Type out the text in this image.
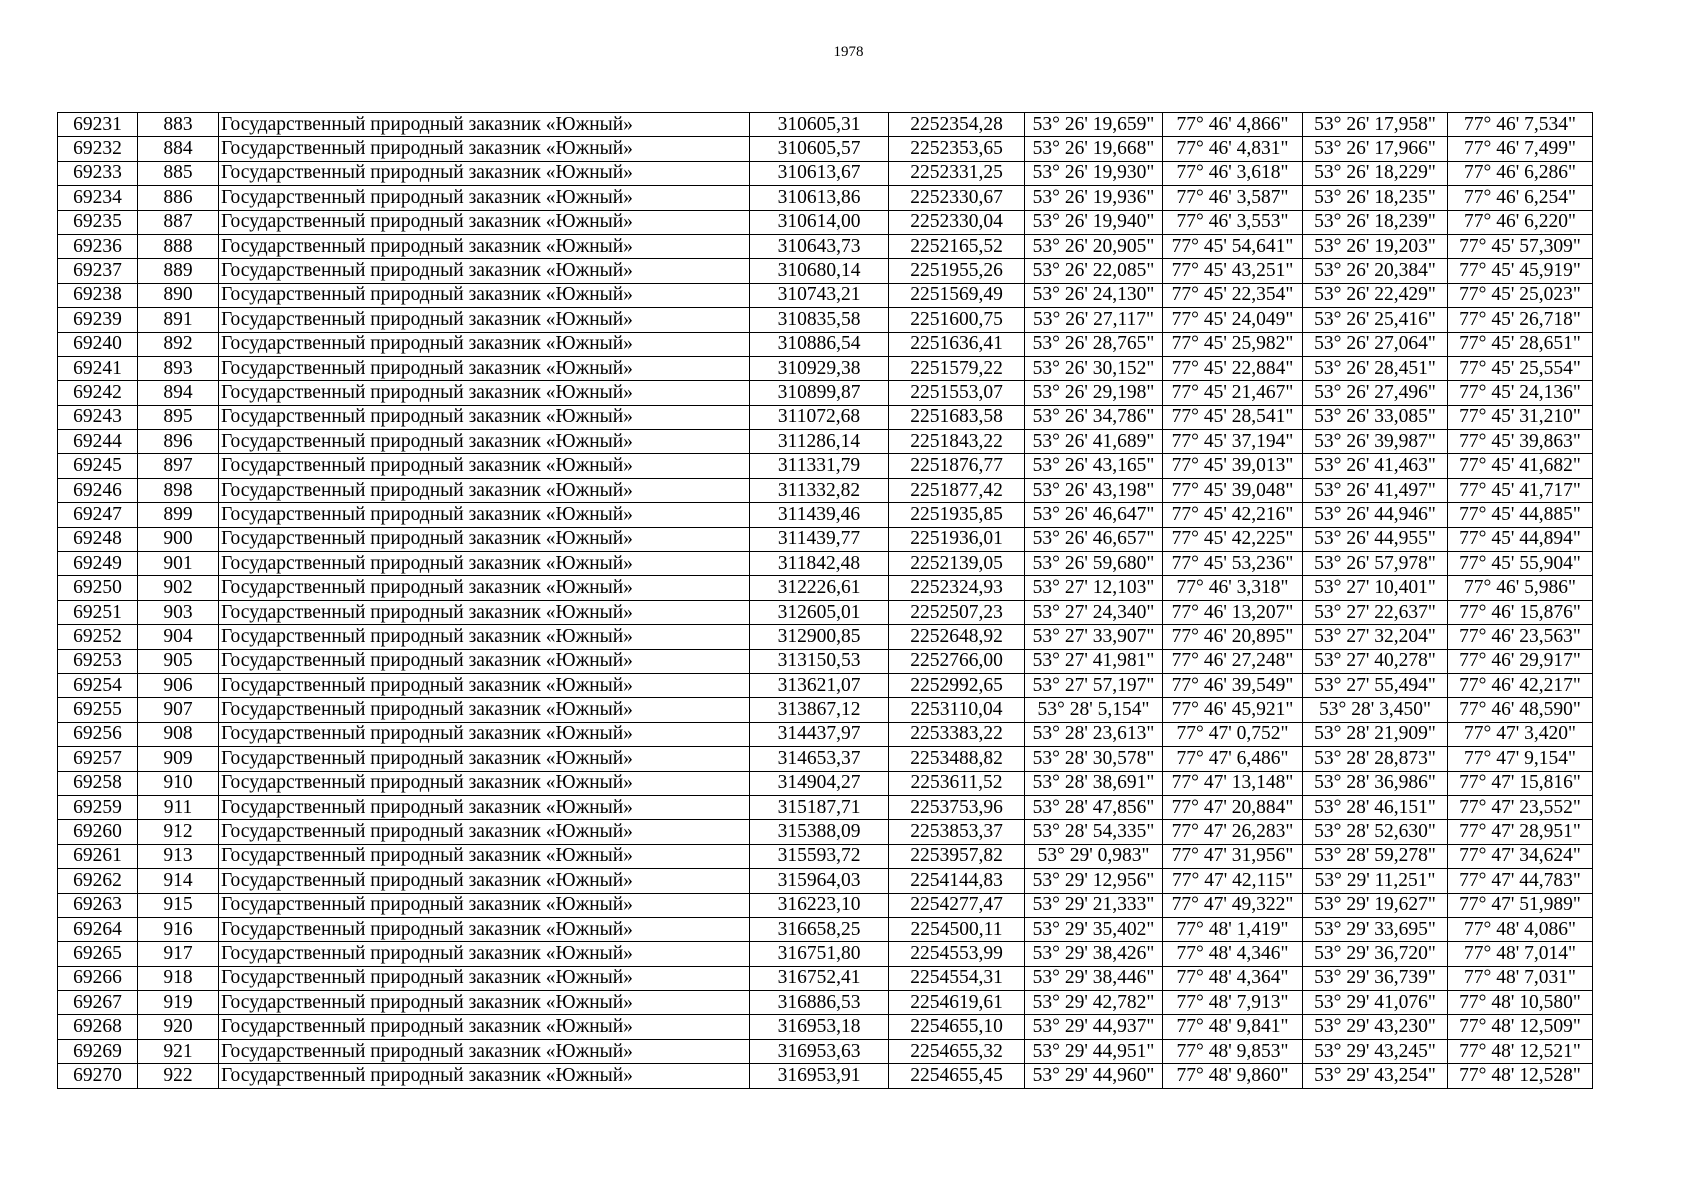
1978
69231	883	Государственный природный заказник «Южный»	310605,31	2252354,28	53° 26' 19,659"	77° 46' 4,866"	53° 26' 17,958"	77° 46' 7,534"
69232	884	Государственный природный заказник «Южный»	310605,57	2252353,65	53° 26' 19,668"	77° 46' 4,831"	53° 26' 17,966"	77° 46' 7,499"
69233	885	Государственный природный заказник «Южный»	310613,67	2252331,25	53° 26' 19,930"	77° 46' 3,618"	53° 26' 18,229"	77° 46' 6,286"
69234	886	Государственный природный заказник «Южный»	310613,86	2252330,67	53° 26' 19,936"	77° 46' 3,587"	53° 26' 18,235"	77° 46' 6,254"
69235	887	Государственный природный заказник «Южный»	310614,00	2252330,04	53° 26' 19,940"	77° 46' 3,553"	53° 26' 18,239"	77° 46' 6,220"
69236	888	Государственный природный заказник «Южный»	310643,73	2252165,52	53° 26' 20,905"	77° 45' 54,641"	53° 26' 19,203"	77° 45' 57,309"
69237	889	Государственный природный заказник «Южный»	310680,14	2251955,26	53° 26' 22,085"	77° 45' 43,251"	53° 26' 20,384"	77° 45' 45,919"
69238	890	Государственный природный заказник «Южный»	310743,21	2251569,49	53° 26' 24,130"	77° 45' 22,354"	53° 26' 22,429"	77° 45' 25,023"
69239	891	Государственный природный заказник «Южный»	310835,58	2251600,75	53° 26' 27,117"	77° 45' 24,049"	53° 26' 25,416"	77° 45' 26,718"
69240	892	Государственный природный заказник «Южный»	310886,54	2251636,41	53° 26' 28,765"	77° 45' 25,982"	53° 26' 27,064"	77° 45' 28,651"
69241	893	Государственный природный заказник «Южный»	310929,38	2251579,22	53° 26' 30,152"	77° 45' 22,884"	53° 26' 28,451"	77° 45' 25,554"
69242	894	Государственный природный заказник «Южный»	310899,87	2251553,07	53° 26' 29,198"	77° 45' 21,467"	53° 26' 27,496"	77° 45' 24,136"
69243	895	Государственный природный заказник «Южный»	311072,68	2251683,58	53° 26' 34,786"	77° 45' 28,541"	53° 26' 33,085"	77° 45' 31,210"
69244	896	Государственный природный заказник «Южный»	311286,14	2251843,22	53° 26' 41,689"	77° 45' 37,194"	53° 26' 39,987"	77° 45' 39,863"
69245	897	Государственный природный заказник «Южный»	311331,79	2251876,77	53° 26' 43,165"	77° 45' 39,013"	53° 26' 41,463"	77° 45' 41,682"
69246	898	Государственный природный заказник «Южный»	311332,82	2251877,42	53° 26' 43,198"	77° 45' 39,048"	53° 26' 41,497"	77° 45' 41,717"
69247	899	Государственный природный заказник «Южный»	311439,46	2251935,85	53° 26' 46,647"	77° 45' 42,216"	53° 26' 44,946"	77° 45' 44,885"
69248	900	Государственный природный заказник «Южный»	311439,77	2251936,01	53° 26' 46,657"	77° 45' 42,225"	53° 26' 44,955"	77° 45' 44,894"
69249	901	Государственный природный заказник «Южный»	311842,48	2252139,05	53° 26' 59,680"	77° 45' 53,236"	53° 26' 57,978"	77° 45' 55,904"
69250	902	Государственный природный заказник «Южный»	312226,61	2252324,93	53° 27' 12,103"	77° 46' 3,318"	53° 27' 10,401"	77° 46' 5,986"
69251	903	Государственный природный заказник «Южный»	312605,01	2252507,23	53° 27' 24,340"	77° 46' 13,207"	53° 27' 22,637"	77° 46' 15,876"
69252	904	Государственный природный заказник «Южный»	312900,85	2252648,92	53° 27' 33,907"	77° 46' 20,895"	53° 27' 32,204"	77° 46' 23,563"
69253	905	Государственный природный заказник «Южный»	313150,53	2252766,00	53° 27' 41,981"	77° 46' 27,248"	53° 27' 40,278"	77° 46' 29,917"
69254	906	Государственный природный заказник «Южный»	313621,07	2252992,65	53° 27' 57,197"	77° 46' 39,549"	53° 27' 55,494"	77° 46' 42,217"
69255	907	Государственный природный заказник «Южный»	313867,12	2253110,04	53° 28' 5,154"	77° 46' 45,921"	53° 28' 3,450"	77° 46' 48,590"
69256	908	Государственный природный заказник «Южный»	314437,97	2253383,22	53° 28' 23,613"	77° 47' 0,752"	53° 28' 21,909"	77° 47' 3,420"
69257	909	Государственный природный заказник «Южный»	314653,37	2253488,82	53° 28' 30,578"	77° 47' 6,486"	53° 28' 28,873"	77° 47' 9,154"
69258	910	Государственный природный заказник «Южный»	314904,27	2253611,52	53° 28' 38,691"	77° 47' 13,148"	53° 28' 36,986"	77° 47' 15,816"
69259	911	Государственный природный заказник «Южный»	315187,71	2253753,96	53° 28' 47,856"	77° 47' 20,884"	53° 28' 46,151"	77° 47' 23,552"
69260	912	Государственный природный заказник «Южный»	315388,09	2253853,37	53° 28' 54,335"	77° 47' 26,283"	53° 28' 52,630"	77° 47' 28,951"
69261	913	Государственный природный заказник «Южный»	315593,72	2253957,82	53° 29' 0,983"	77° 47' 31,956"	53° 28' 59,278"	77° 47' 34,624"
69262	914	Государственный природный заказник «Южный»	315964,03	2254144,83	53° 29' 12,956"	77° 47' 42,115"	53° 29' 11,251"	77° 47' 44,783"
69263	915	Государственный природный заказник «Южный»	316223,10	2254277,47	53° 29' 21,333"	77° 47' 49,322"	53° 29' 19,627"	77° 47' 51,989"
69264	916	Государственный природный заказник «Южный»	316658,25	2254500,11	53° 29' 35,402"	77° 48' 1,419"	53° 29' 33,695"	77° 48' 4,086"
69265	917	Государственный природный заказник «Южный»	316751,80	2254553,99	53° 29' 38,426"	77° 48' 4,346"	53° 29' 36,720"	77° 48' 7,014"
69266	918	Государственный природный заказник «Южный»	316752,41	2254554,31	53° 29' 38,446"	77° 48' 4,364"	53° 29' 36,739"	77° 48' 7,031"
69267	919	Государственный природный заказник «Южный»	316886,53	2254619,61	53° 29' 42,782"	77° 48' 7,913"	53° 29' 41,076"	77° 48' 10,580"
69268	920	Государственный природный заказник «Южный»	316953,18	2254655,10	53° 29' 44,937"	77° 48' 9,841"	53° 29' 43,230"	77° 48' 12,509"
69269	921	Государственный природный заказник «Южный»	316953,63	2254655,32	53° 29' 44,951"	77° 48' 9,853"	53° 29' 43,245"	77° 48' 12,521"
69270	922	Государственный природный заказник «Южный»	316953,91	2254655,45	53° 29' 44,960"	77° 48' 9,860"	53° 29' 43,254"	77° 48' 12,528"
